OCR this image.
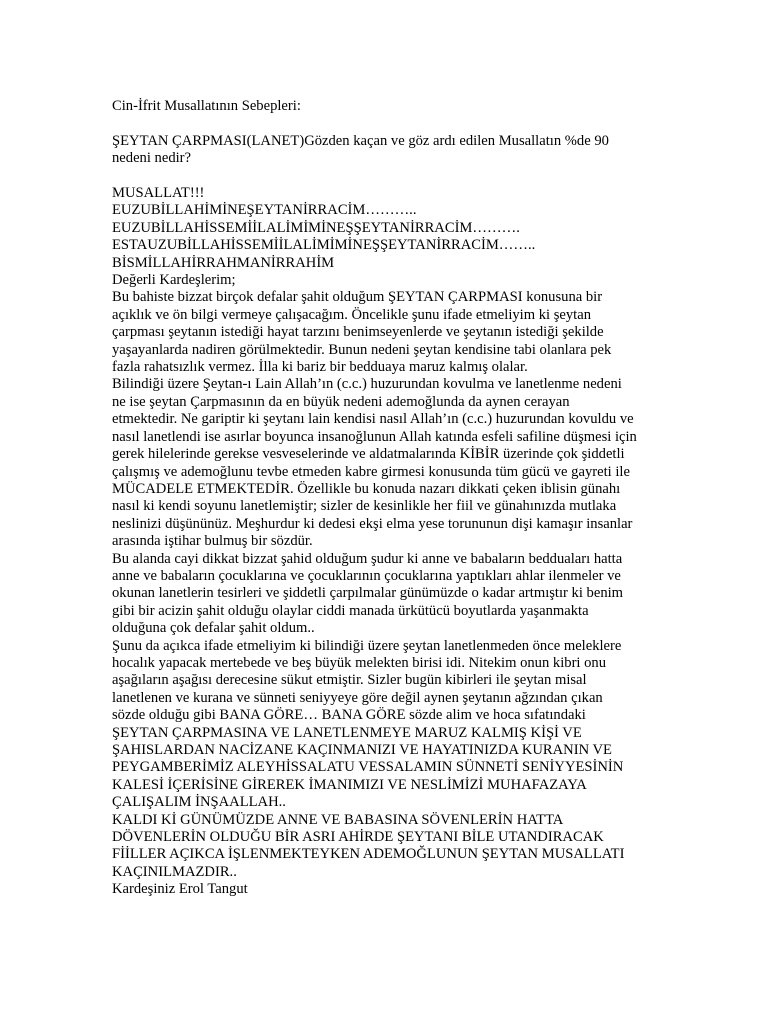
Cin-İfrit Musallatının Sebepleri:

ŞEYTAN ÇARPMASI(LANET)Gözden kaçan ve göz ardı edilen Musallatın %de 90
nedeni nedir?

MUSALLAT!!!
EUZUBİLLAHİMİNEŞEYTANİRRACİM………..
EUZUBİLLAHİSSEMİİLALİMİMİNEŞŞEYTANİRRACİM……….
ESTAUZUBİLLAHİSSEMİİLALİMİMİNEŞŞEYTANİRRACİM……..
BİSMİLLAHİRRAHMANİRRAHİM
Değerli Kardeşlerim;

Bu bahiste bizzat birçok defalar şahit olduğum ŞEYTAN ÇARPMASI konusuna bir
açıklık ve ön bilgi vermeye çalışacağım. Öncelikle şunu ifade etmeliyim ki şeytan
çarpması şeytanın istediği hayat tarzını benimseyenlerde ve şeytanın istediği şekilde
yaşayanlarda nadiren görülmektedir. Bunun nedeni şeytan kendisine tabi olanlara pek
fazla rahatsızlık vermez. İlla ki bariz bir bedduaya maruz kalmış olalar.
Bilindiği üzere Şeytan-ı Lain Allah’ın (c.c.) huzurundan kovulma ve lanetlenme nedeni
ne ise şeytan Çarpmasının da en büyük nedeni ademoğlunda da aynen cerayan
etmektedir. Ne gariptir ki şeytanı lain kendisi nasıl Allah’ın (c.c.) huzurundan kovuldu ve
nasıl lanetlendi ise asırlar boyunca insanoğlunun Allah katında esfeli safiline düşmesi için
gerek hilelerinde gerekse vesveselerinde ve aldatmalarında KİBİR üzerinde çok şiddetli
çalışmış ve ademoğlunu tevbe etmeden kabre girmesi konusunda tüm gücü ve gayreti ile
MÜCADELE ETMEKTEDİR. Özellikle bu konuda nazarı dikkati çeken iblisin günahı
nasıl ki kendi soyunu lanetlemiştir; sizler de kesinlikle her fiil ve günahınızda mutlaka
neslinizi düşününüz. Meşhurdur ki dedesi ekşi elma yese torununun dişi kamaşır insanlar
arasında iştihar bulmuş bir sözdür.
Bu alanda cayi dikkat bizzat şahid olduğum şudur ki anne ve babaların bedduaları hatta
anne ve babaların çocuklarına ve çocuklarının çocuklarına yaptıkları ahlar ilenmeler ve
okunan lanetlerin tesirleri ve şiddetli çarpılmalar günümüzde o kadar artmıştır ki benim
gibi bir acizin şahit olduğu olaylar ciddi manada ürkütücü boyutlarda yaşanmakta
olduğuna çok defalar şahit oldum..
Şunu da açıkca ifade etmeliyim ki bilindiği üzere şeytan lanetlenmeden önce meleklere
hocalık yapacak mertebede ve beş büyük melekten birisi idi. Nitekim onun kibri onu
aşağıların aşağısı derecesine sükut etmiştir. Sizler bugün kibirleri ile şeytan misal
lanetlenen ve kurana ve sünneti seniyyeye göre değil aynen şeytanın ağzından çıkan
sözde olduğu gibi BANA GÖRE… BANA GÖRE sözde alim ve hoca sıfatındaki
ŞEYTAN ÇARPMASINA VE LANETLENMEYE MARUZ KALMIŞ KİŞİ VE
ŞAHISLARDAN NACİZANE KAÇINMANIZI VE HAYATINIZDA KURANIN VE
PEYGAMBERİMİZ ALEYHİSSALATU VESSALAMIN SÜNNETİ SENİYYESİNİN
KALESİ İÇERİSİNE GİREREK İMANIMIZI VE NESLİMİZİ MUHAFAZAYA
ÇALIŞALIM İNŞAALLAH..
KALDI Kİ GÜNÜMÜZDE ANNE VE BABASINA SÖVENLERİN HATTA
DÖVENLERİN OLDUĞU BİR ASRI AHİRDE ŞEYTANI BİLE UTANDIRACAK
FİİLLER AÇIKCA İŞLENMEKTEYKEN ADEMOĞLUNUN ŞEYTAN MUSALLATI
KAÇINILMAZDIR..
Kardeşiniz Erol Tangut
